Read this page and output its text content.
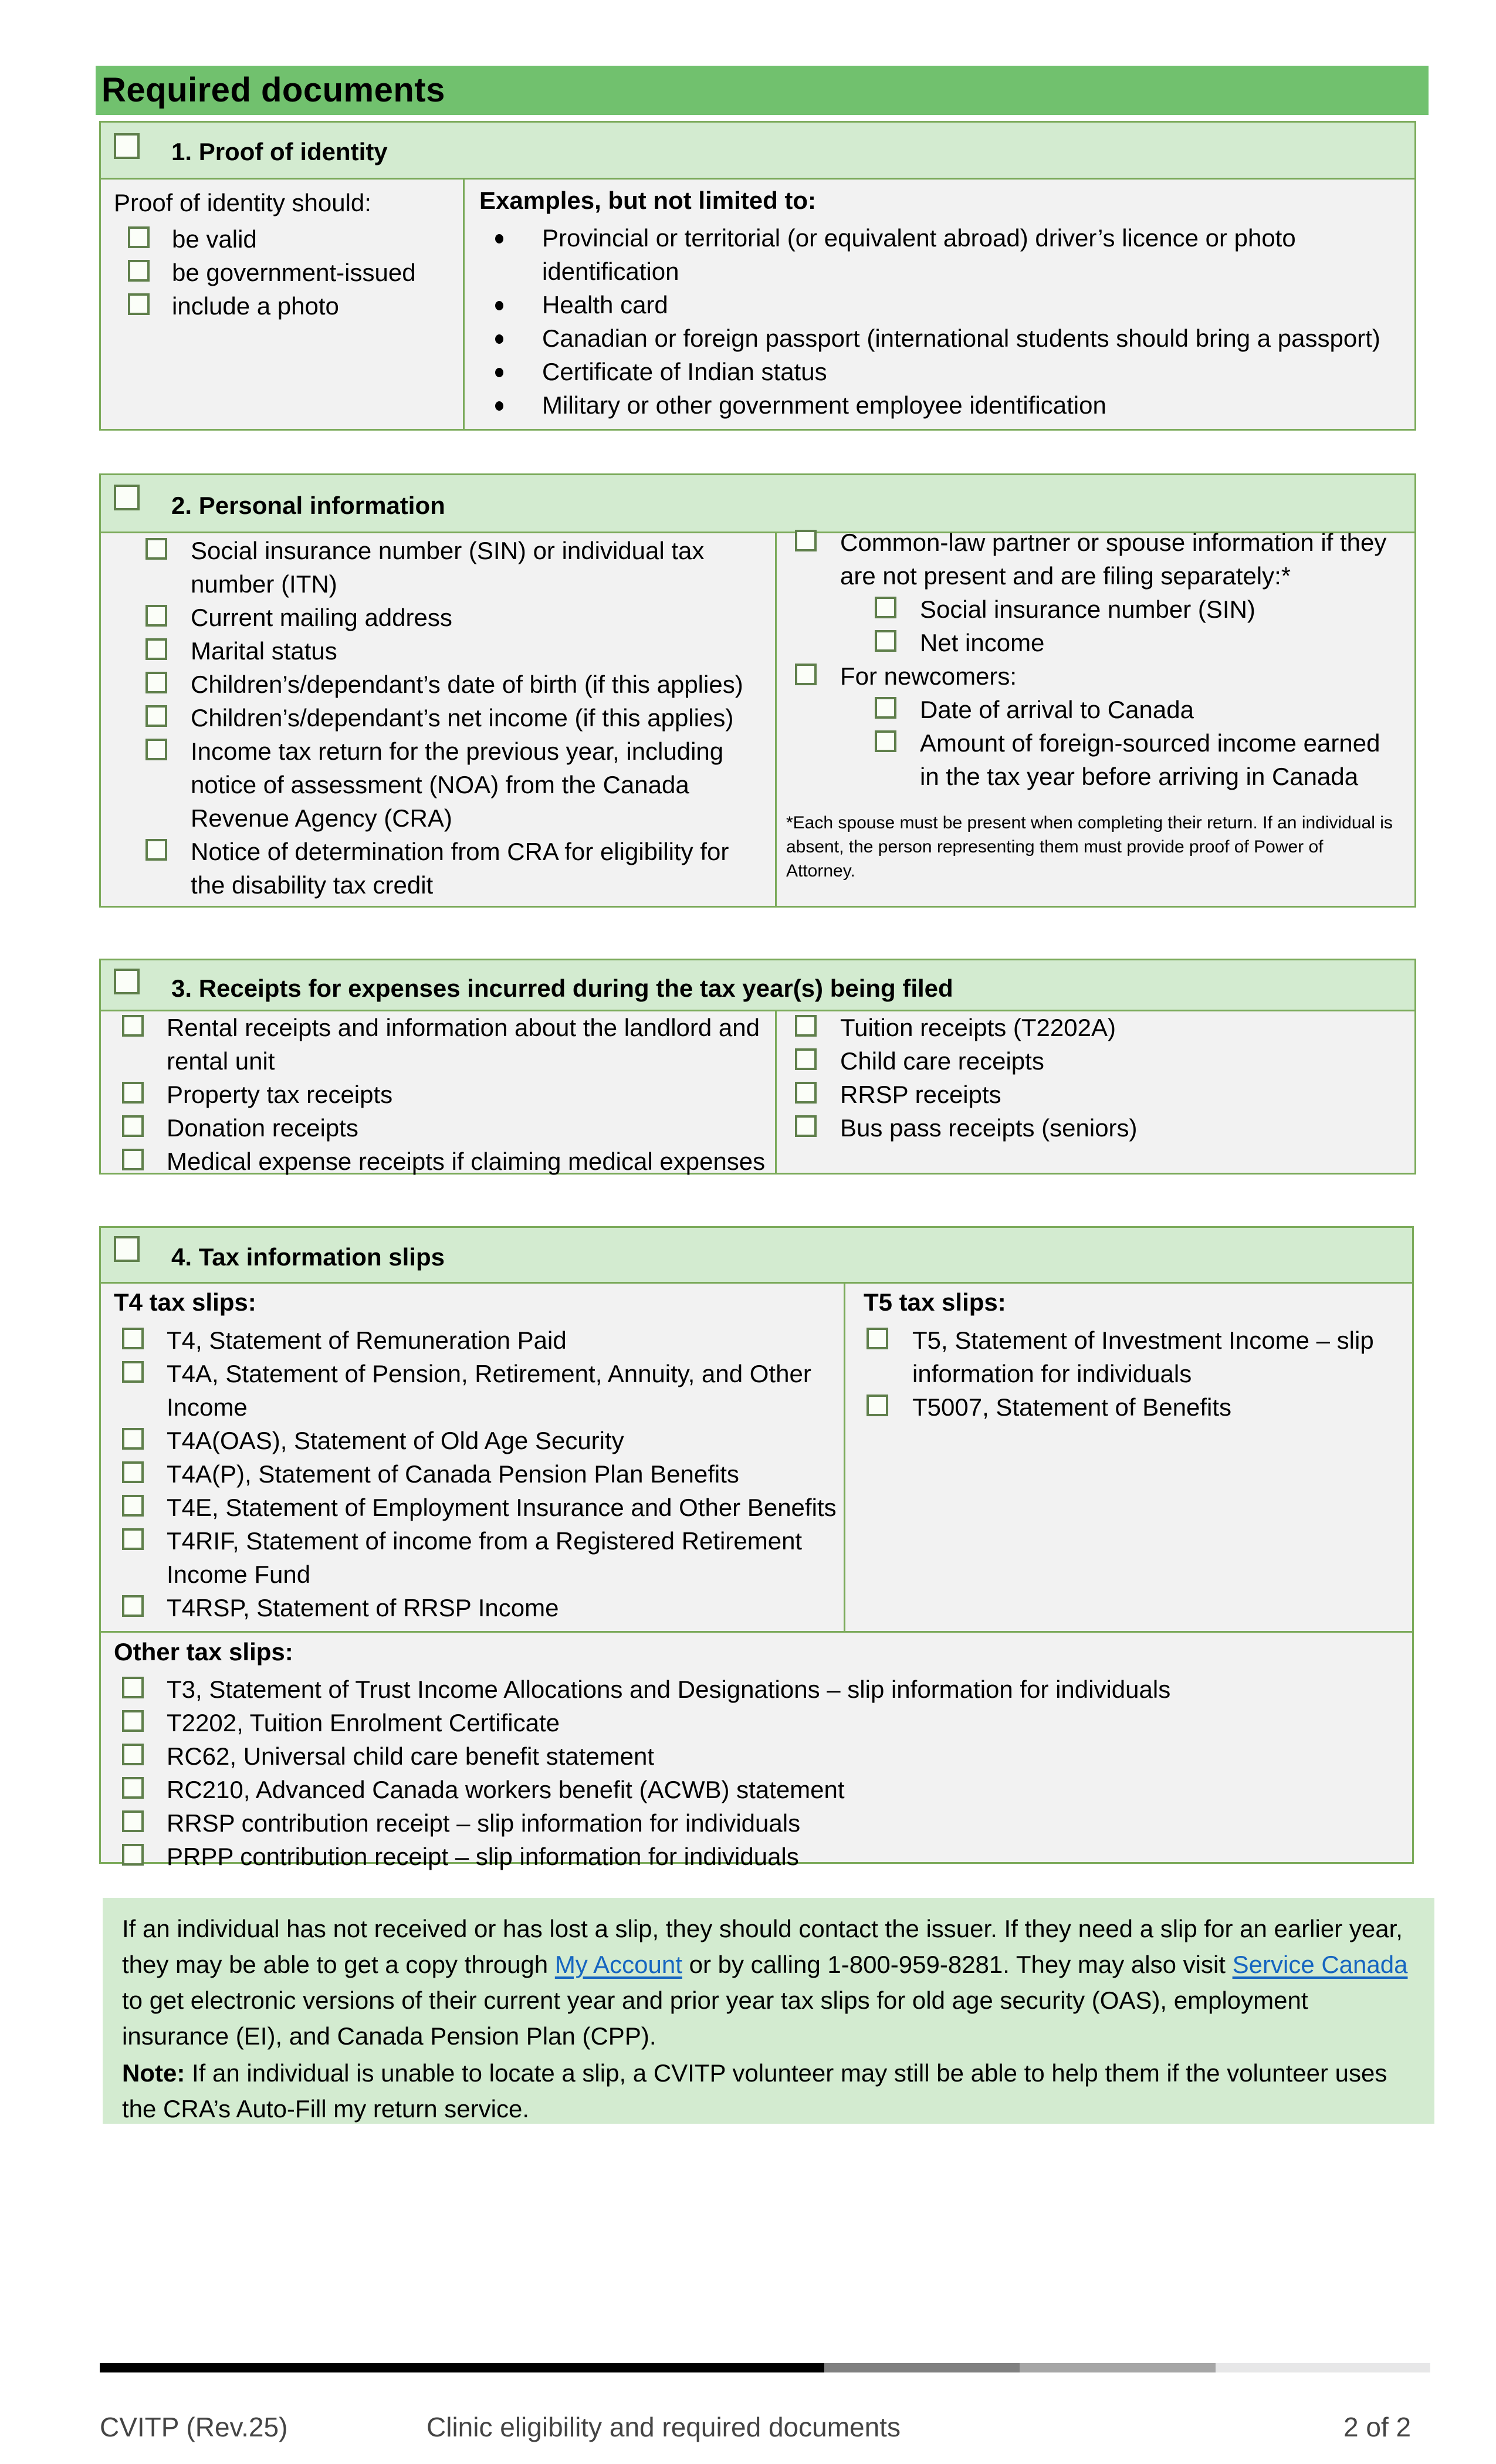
Required documents
1. Proof of identity
Proof of identity should:
be valid
be government-issued
include a photo
Examples, but not limited to:
Provincial or territorial (or equivalent abroad) driver’s licence or photo identification
Health card
Canadian or foreign passport (international students should bring a passport)
Certificate of Indian status
Military or other government employee identification
2. Personal information
Social insurance number (SIN) or individual tax number (ITN)
Current mailing address
Marital status
Children’s/dependant’s date of birth (if this applies)
Children’s/dependant’s net income (if this applies)
Income tax return for the previous year, including notice of assessment (NOA) from the Canada Revenue Agency (CRA)
Notice of determination from CRA for eligibility for the disability tax credit
Common-law partner or spouse information if they are not present and are filing separately:*
Social insurance number (SIN)
Net income
For newcomers:
Date of arrival to Canada
Amount of foreign-sourced income earned in the tax year before arriving in Canada
*Each spouse must be present when completing their return. If an individual is absent, the person representing them must provide proof of Power of Attorney.
3. Receipts for expenses incurred during the tax year(s) being filed
Rental receipts and information about the landlord and rental unit
Property tax receipts
Donation receipts
Medical expense receipts if claiming medical expenses
Tuition receipts (T2202A)
Child care receipts
RRSP receipts
Bus pass receipts (seniors)
4. Tax information slips
T4 tax slips:
T4, Statement of Remuneration Paid
T4A, Statement of Pension, Retirement, Annuity, and Other Income
T4A(OAS), Statement of Old Age Security
T4A(P), Statement of Canada Pension Plan Benefits
T4E, Statement of Employment Insurance and Other Benefits
T4RIF, Statement of income from a Registered Retirement Income Fund
T4RSP, Statement of RRSP Income
T5 tax slips:
T5, Statement of Investment Income – slip information for individuals
T5007, Statement of Benefits
Other tax slips:
T3, Statement of Trust Income Allocations and Designations – slip information for individuals
T2202, Tuition Enrolment Certificate
RC62, Universal child care benefit statement
RC210, Advanced Canada workers benefit (ACWB) statement
RRSP contribution receipt – slip information for individuals
PRPP contribution receipt – slip information for individuals

If an individual has not received or has lost a slip, they should contact the issuer. If they need a slip for an earlier year, they may be able to get a copy through My Account or by calling 1-800-959-8281. They may also visit Service Canada to get electronic versions of their current year and prior year tax slips for old age security (OAS), employment insurance (EI), and Canada Pension Plan (CPP).

Note: If an individual is unable to locate a slip, a CVITP volunteer may still be able to help them if the volunteer uses the CRA’s Auto-Fill my return service.

CVITP (Rev.25)	Clinic eligibility and required documents	2 of 2
